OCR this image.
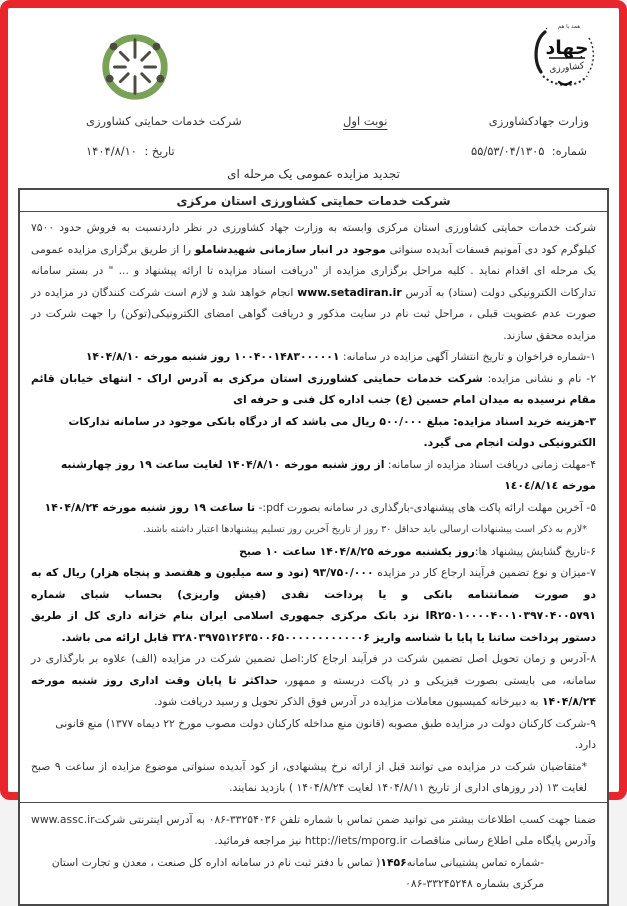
جهاد
کشاورزی
همد با هم
وزارت جهادکشاورزی
نوبت اول
شرکت خدمات حمایتی کشاورزی
شماره:  ۵۵/۵۳/۰۴/۱۳۰۵
تاریخ :  ۱۴۰۴/۸/۱۰
تجدید مزایده عمومی یک مرحله ای
شرکت خدمات حمایتی کشاورزی استان مرکزی

شرکت خدمات حمایتی کشاورزی استان مرکزی وابسته به وزارت جهاد کشاورزی در نظر داردنسبت به فروش حدود ۷۵۰۰ کیلوگرم کود دی آمونیم فسفات آبدیده سنواتی موجود در انبار سازمانی شهیدشاملو را از طریق برگزاری مزایده عمومی یک مرحله ای اقدام نماید . کلیه مراحل برگزاری مزایده از "دریافت اسناد مزایده تا ارائه پیشنهاد و ... " در بستر سامانه تدارکات الکترونیکی دولت (ستاد) به آدرس www.setadiran.ir انجام خواهد شد و لازم است شرکت کنندگان در مزایده در صورت عدم عضویت قبلی ، مراحل ثبت نام در سایت مذکور و دریافت گواهی امضای الکترونیکی(توکن) را جهت شرکت در مزایده محقق سازند.

۱-شماره فراخوان و تاریخ انتشار آگهی مزایده در سامانه: ۱۰۰۴۰۰۱۴۸۳۰۰۰۰۰۱ روز شنبه مورخه ۱۴۰۴/۸/۱۰

۲- نام و نشانی مزایده: شرکت خدمات حمایتی کشاورزی استان مرکزی به آدرس اراک - انتهای خیابان قائم مقام نرسیده به میدان امام حسین (ع) جنب اداره کل فنی و حرفه ای

۳-هزینه خرید اسناد مزایده: مبلغ ۵۰۰/۰۰۰ ریال می باشد که از درگاه بانکی موجود در سامانه تدارکات الکترونیکی دولت انجام می گیرد.

۴-مهلت زمانی دریافت اسناد مزایده از سامانه: از روز شنبه مورخه ۱۴۰۴/۸/۱۰ لغایت ساعت ۱۹ روز چهارشنبه مورخه ۱٤۰٤/۸/۱٤

۵- آخرین مهلت ارائه پاکت های پیشنهادی-بارگذاری در سامانه بصورت pdf:- تا ساعت ۱۹ روز شنبه مورخه ۱۴۰۴/۸/۲۴

*لازم به ذکر است پیشنهادات ارسالی باید حداقل ۳۰ روز از تاریخ آخرین روز تسلیم پیشنهادها اعتبار داشته باشند.

۶-تاریخ گشایش پیشنهاد ها:روز یکشنبه مورخه ۱۴۰۴/۸/۲۵ ساعت ۱۰ صبح

۷-میزان و نوع تضمین فرآیند ارجاع کار در مزایده ۹۳/۷۵۰/۰۰۰ (نود و سه میلیون و هفتصد و پنجاه هزار) ریال که به دو صورت ضمانتنامه بانکی و یا پرداخت نقدی (فیش واریزی) بحساب شبای شماره IR۲۵۰۱۰۰۰۰۴۰۰۱۰۳۹۷۰۴۰۰۵۷۹۱ نزد بانک مرکزی جمهوری اسلامی ایران بنام خزانه داری کل از طریق دستور پرداخت ساتنا یا پایا با شناسه واریز ۳۲۸۰۳۹۷۵۱۲۶۳۵۰۰۶۵۰۰۰۰۰۰۰۰۰۰۰۰۶ قابل ارائه می باشد.

۸-آدرس و زمان تحویل اصل تضمین شرکت در فرآیند ارجاع کار:اصل تضمین شرکت در مزایده (الف) علاوه بر بارگذاری در سامانه، می بایستی بصورت فیزیکی و در پاکت دربسته و ممهور، حداکثر تا پایان وقت اداری روز شنبه مورخه ۱۴۰۴/۸/۲۴ به دبیرخانه کمیسیون معاملات مزایده در آدرس فوق الذکر تحویل و رسید دریافت شود.

۹-شرکت کارکنان دولت در مزایده طبق مصوبه (قانون منع مداخله کارکنان دولت مصوب مورخ ۲۲ دیماه ۱۳۷۷) منع قانونی دارد.

*متقاضیان شرکت در مزایده می توانند قبل از ارائه نرخ پیشنهادی، از کود آبدیده سنواتی موضوع مزایده از ساعت ۹ صبح لغایت ۱۳ (در روزهای اداری از تاریخ ۱۴۰۴/۸/۱۱ لغایت ۱۴۰۴/۸/۲۴ ) بازدید نمایند.

ضمنا جهت کسب اطلاعات بیشتر می توانید ضمن تماس با شماره تلفن ۰۸۶-۳۳۲۵۴۰۳۶ به آدرس اینترنتی شرکتwww.assc.ir وآدرس پایگاه ملی اطلاع رسانی مناقصات http://iets/mporg.ir نیز مراجعه فرمائید.

-شماره تماس پشتیبانی سامانه۱۴۵۶( تماس با دفتر ثبت نام در سامانه اداره کل صنعت ، معدن و تجارت استان مرکزی بشماره ۰۸۶-۳۳۲۴۵۲۴۸
